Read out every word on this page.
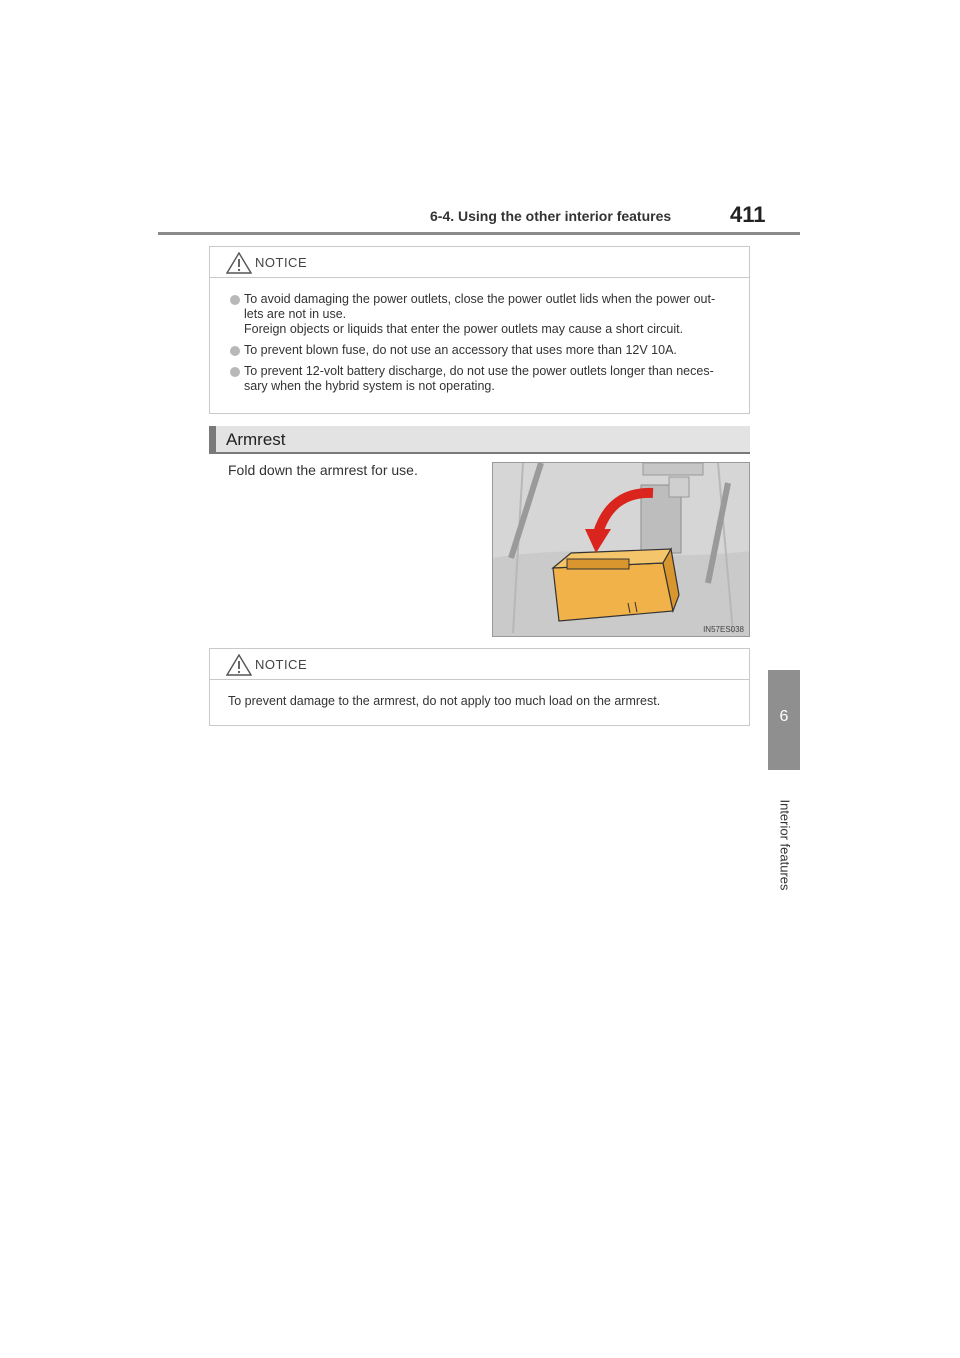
6-4. Using the other interior features	411
6
Interior features
NOTICE
To avoid damaging the power outlets, close the power outlet lids when the power out-
lets are not in use.
Foreign objects or liquids that enter the power outlets may cause a short circuit.
To prevent blown fuse, do not use an accessory that uses more than 12V 10A.
To prevent 12-volt battery discharge, do not use the power outlets longer than neces-
sary when the hybrid system is not operating.
Armrest

Fold down the armrest for use.

IN57ES038
NOTICE

To prevent damage to the armrest, do not apply too much load on the armrest.
